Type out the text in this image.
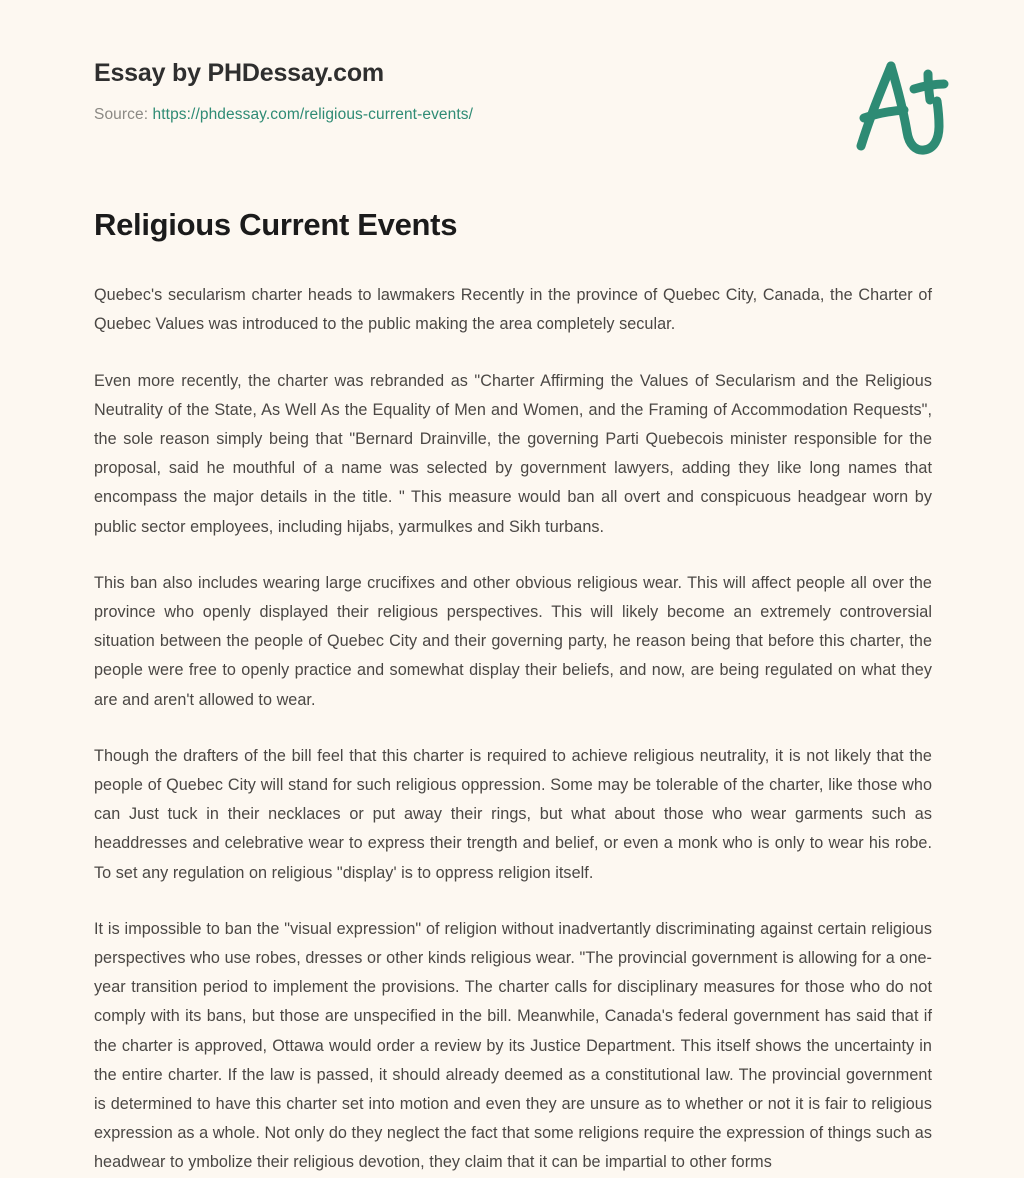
Essay by PHDessay.com
Source: https://phdessay.com/religious-current-events/
Religious Current Events

Quebec's secularism charter heads to lawmakers Recently in the province of Quebec City, Canada, the Charter of Quebec Values was introduced to the public making the area completely secular.

Even more recently, the charter was rebranded as "Charter Affirming the Values of Secularism and the Religious Neutrality of the State, As Well As the Equality of Men and Women, and the Framing of Accommodation Requests", the sole reason simply being that "Bernard Drainville, the governing Parti Quebecois minister responsible for the proposal, said he mouthful of a name was selected by government lawyers, adding they like long names that encompass the major details in the title. " This measure would ban all overt and conspicuous headgear worn by public sector employees, including hijabs, yarmulkes and Sikh turbans.

This ban also includes wearing large crucifixes and other obvious religious wear. This will affect people all over the province who openly displayed their religious perspectives. This will likely become an extremely controversial situation between the people of Quebec City and their governing party, he reason being that before this charter, the people were free to openly practice and somewhat display their beliefs, and now, are being regulated on what they are and aren't allowed to wear.

Though the drafters of the bill feel that this charter is required to achieve religious neutrality, it is not likely that the people of Quebec City will stand for such religious oppression. Some may be tolerable of the charter, like those who can Just tuck in their necklaces or put away their rings, but what about those who wear garments such as headdresses and celebrative wear to express their trength and belief, or even a monk who is only to wear his robe. To set any regulation on religious "display' is to oppress religion itself.

It is impossible to ban the "visual expression" of religion without inadvertantly discriminating against certain religious perspectives who use robes, dresses or other kinds religious wear. "The provincial government is allowing for a one-year transition period to implement the provisions. The charter calls for disciplinary measures for those who do not comply with its bans, but those are unspecified in the bill. Meanwhile, Canada's federal government has said that if the charter is approved, Ottawa would order a review by its Justice Department. This itself shows the uncertainty in the entire charter. If the law is passed, it should already deemed as a constitutional law. The provincial government is determined to have this charter set into motion and even they are unsure as to whether or not it is fair to religious expression as a whole. Not only do they neglect the fact that some religions require the expression of things such as headwear to ymbolize their religious devotion, they claim that it can be impartial to other forms
